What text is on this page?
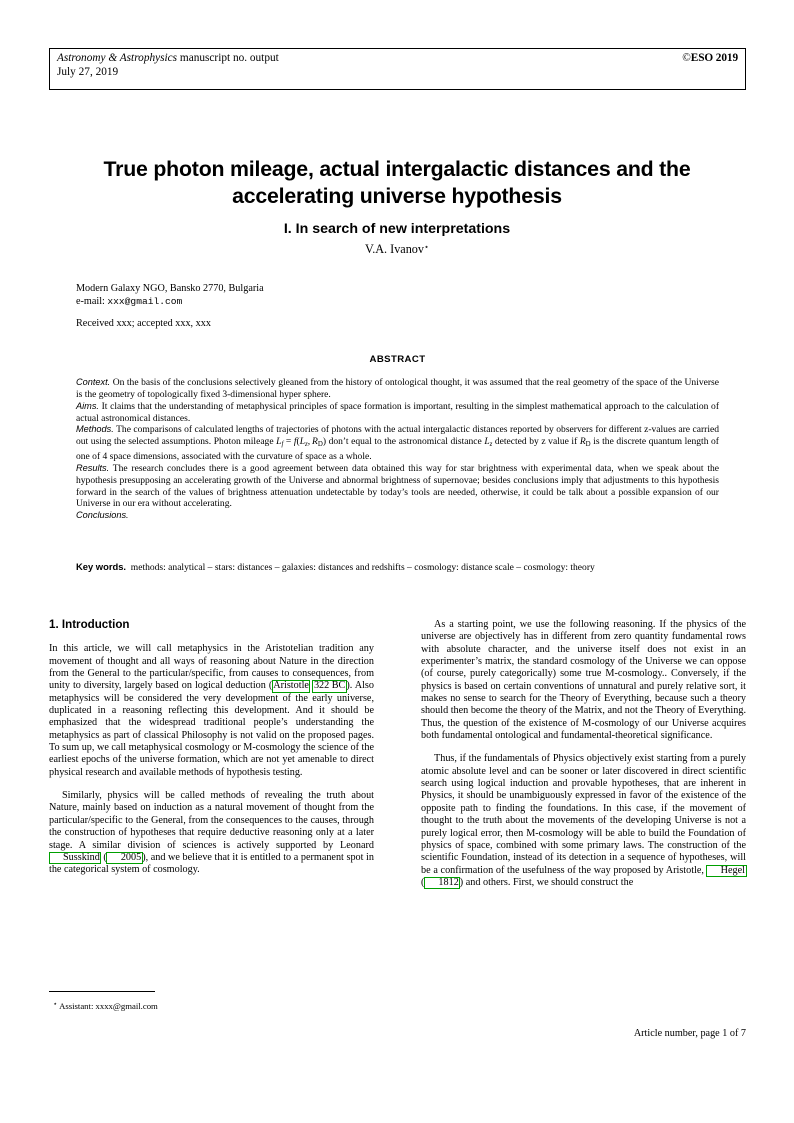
Astronomy & Astrophysics manuscript no. output
July 27, 2019
©ESO 2019
True photon mileage, actual intergalactic distances and the accelerating universe hypothesis
I. In search of new interpretations
V.A. Ivanov⋆
Modern Galaxy NGO, Bansko 2770, Bulgaria
e-mail: xxx@gmail.com
Received xxx; accepted xxx, xxx
ABSTRACT

Context. On the basis of the conclusions selectively gleaned from the history of ontological thought, it was assumed that the real geometry of the space of the Universe is the geometry of topologically fixed 3-dimensional hyper sphere.

Aims. It claims that the understanding of metaphysical principles of space formation is important, resulting in the simplest mathematical approach to the calculation of actual astronomical distances.

Methods. The comparisons of calculated lengths of trajectories of photons with the actual intergalactic distances reported by observers for different z-values are carried out using the selected assumptions. Photon mileage $L_f = f(L_z$, $R_D$) don’t equal to the astronomical distance $L_z$ detected by z value if $R_D$ is the discrete quantum length of one of 4 space dimensions, associated with the curvature of space as a whole.

Results. The research concludes there is a good agreement between data obtained this way for star brightness with experimental data, when we speak about the hypothesis presupposing an accelerating growth of the Universe and abnormal brightness of supernovae; besides conclusions imply that adjustments to this hypothesis forward in the search of the values of brightness attenuation undetectable by today’s tools are needed, otherwise, it could be talk about a possible expansion of our Universe in our era without accelerating.

Conclusions.

Key words. methods: analytical – stars: distances – galaxies: distances and redshifts – cosmology: distance scale – cosmology: theory
1. Introduction

In this article, we will call metaphysics in the Aristotelian tradition any movement of thought and all ways of reasoning about Nature in the direction from the General to the particular/specific, from causes to consequences, from unity to diversity, largely based on logical deduction (Aristotle 322 BC). Also metaphysics will be considered the very development of the early universe, duplicated in a reasoning reflecting this development. And it should be emphasized that the widespread traditional people’s understanding the metaphysics as part of classical Philosophy is not valid on the proposed pages. To sum up, we call metaphysical cosmology or M-cosmology the science of the earliest epochs of the universe formation, which are not yet amenable to direct physical research and available methods of hypothesis testing.

Similarly, physics will be called methods of revealing the truth about Nature, mainly based on induction as a natural movement of thought from the particular/specific to the General, from the consequences to the causes, through the construction of hypotheses that require deductive reasoning only at a later stage. A similar division of sciences is actively supported by Leonard Susskind ( 2005), and we believe that it is entitled to a permanent spot in the categorical system of cosmology.

As a starting point, we use the following reasoning. If the physics of the universe are objectively has in different from zero quantity fundamental rows with absolute character, and the universe itself does not exist in an experimenter’s matrix, the standard cosmology of the Universe we can oppose (of course, purely categorically) some true M-cosmology.. Conversely, if the physics is based on certain conventions of unnatural and purely relative sort, it makes no sense to search for the Theory of Everything, because such a theory should then become the theory of the Matrix, and not the Theory of Everything. Thus, the question of the existence of M-cosmology of our Universe acquires both fundamental ontological and fundamental-theoretical significance.

Thus, if the fundamentals of Physics objectively exist starting from a purely atomic absolute level and can be sooner or later discovered in direct scientific search using logical induction and provable hypotheses, that are inherent in Physics, it should be unambiguously expressed in favor of the existence of the opposite path to finding the foundations. In this case, if the movement of thought to the truth about the movements of the developing Universe is not a purely logical error, then M-cosmology will be able to build the Foundation of physics of space, combined with some primary laws. The construction of the scientific Foundation, instead of its detection in a sequence of hypotheses, will be a confirmation of the usefulness of the way proposed by Aristotle, Hegel ( 1812) and others. First, we should construct the

⋆ Assistant: xxxx@gmail.com
Article number, page 1 of 7
